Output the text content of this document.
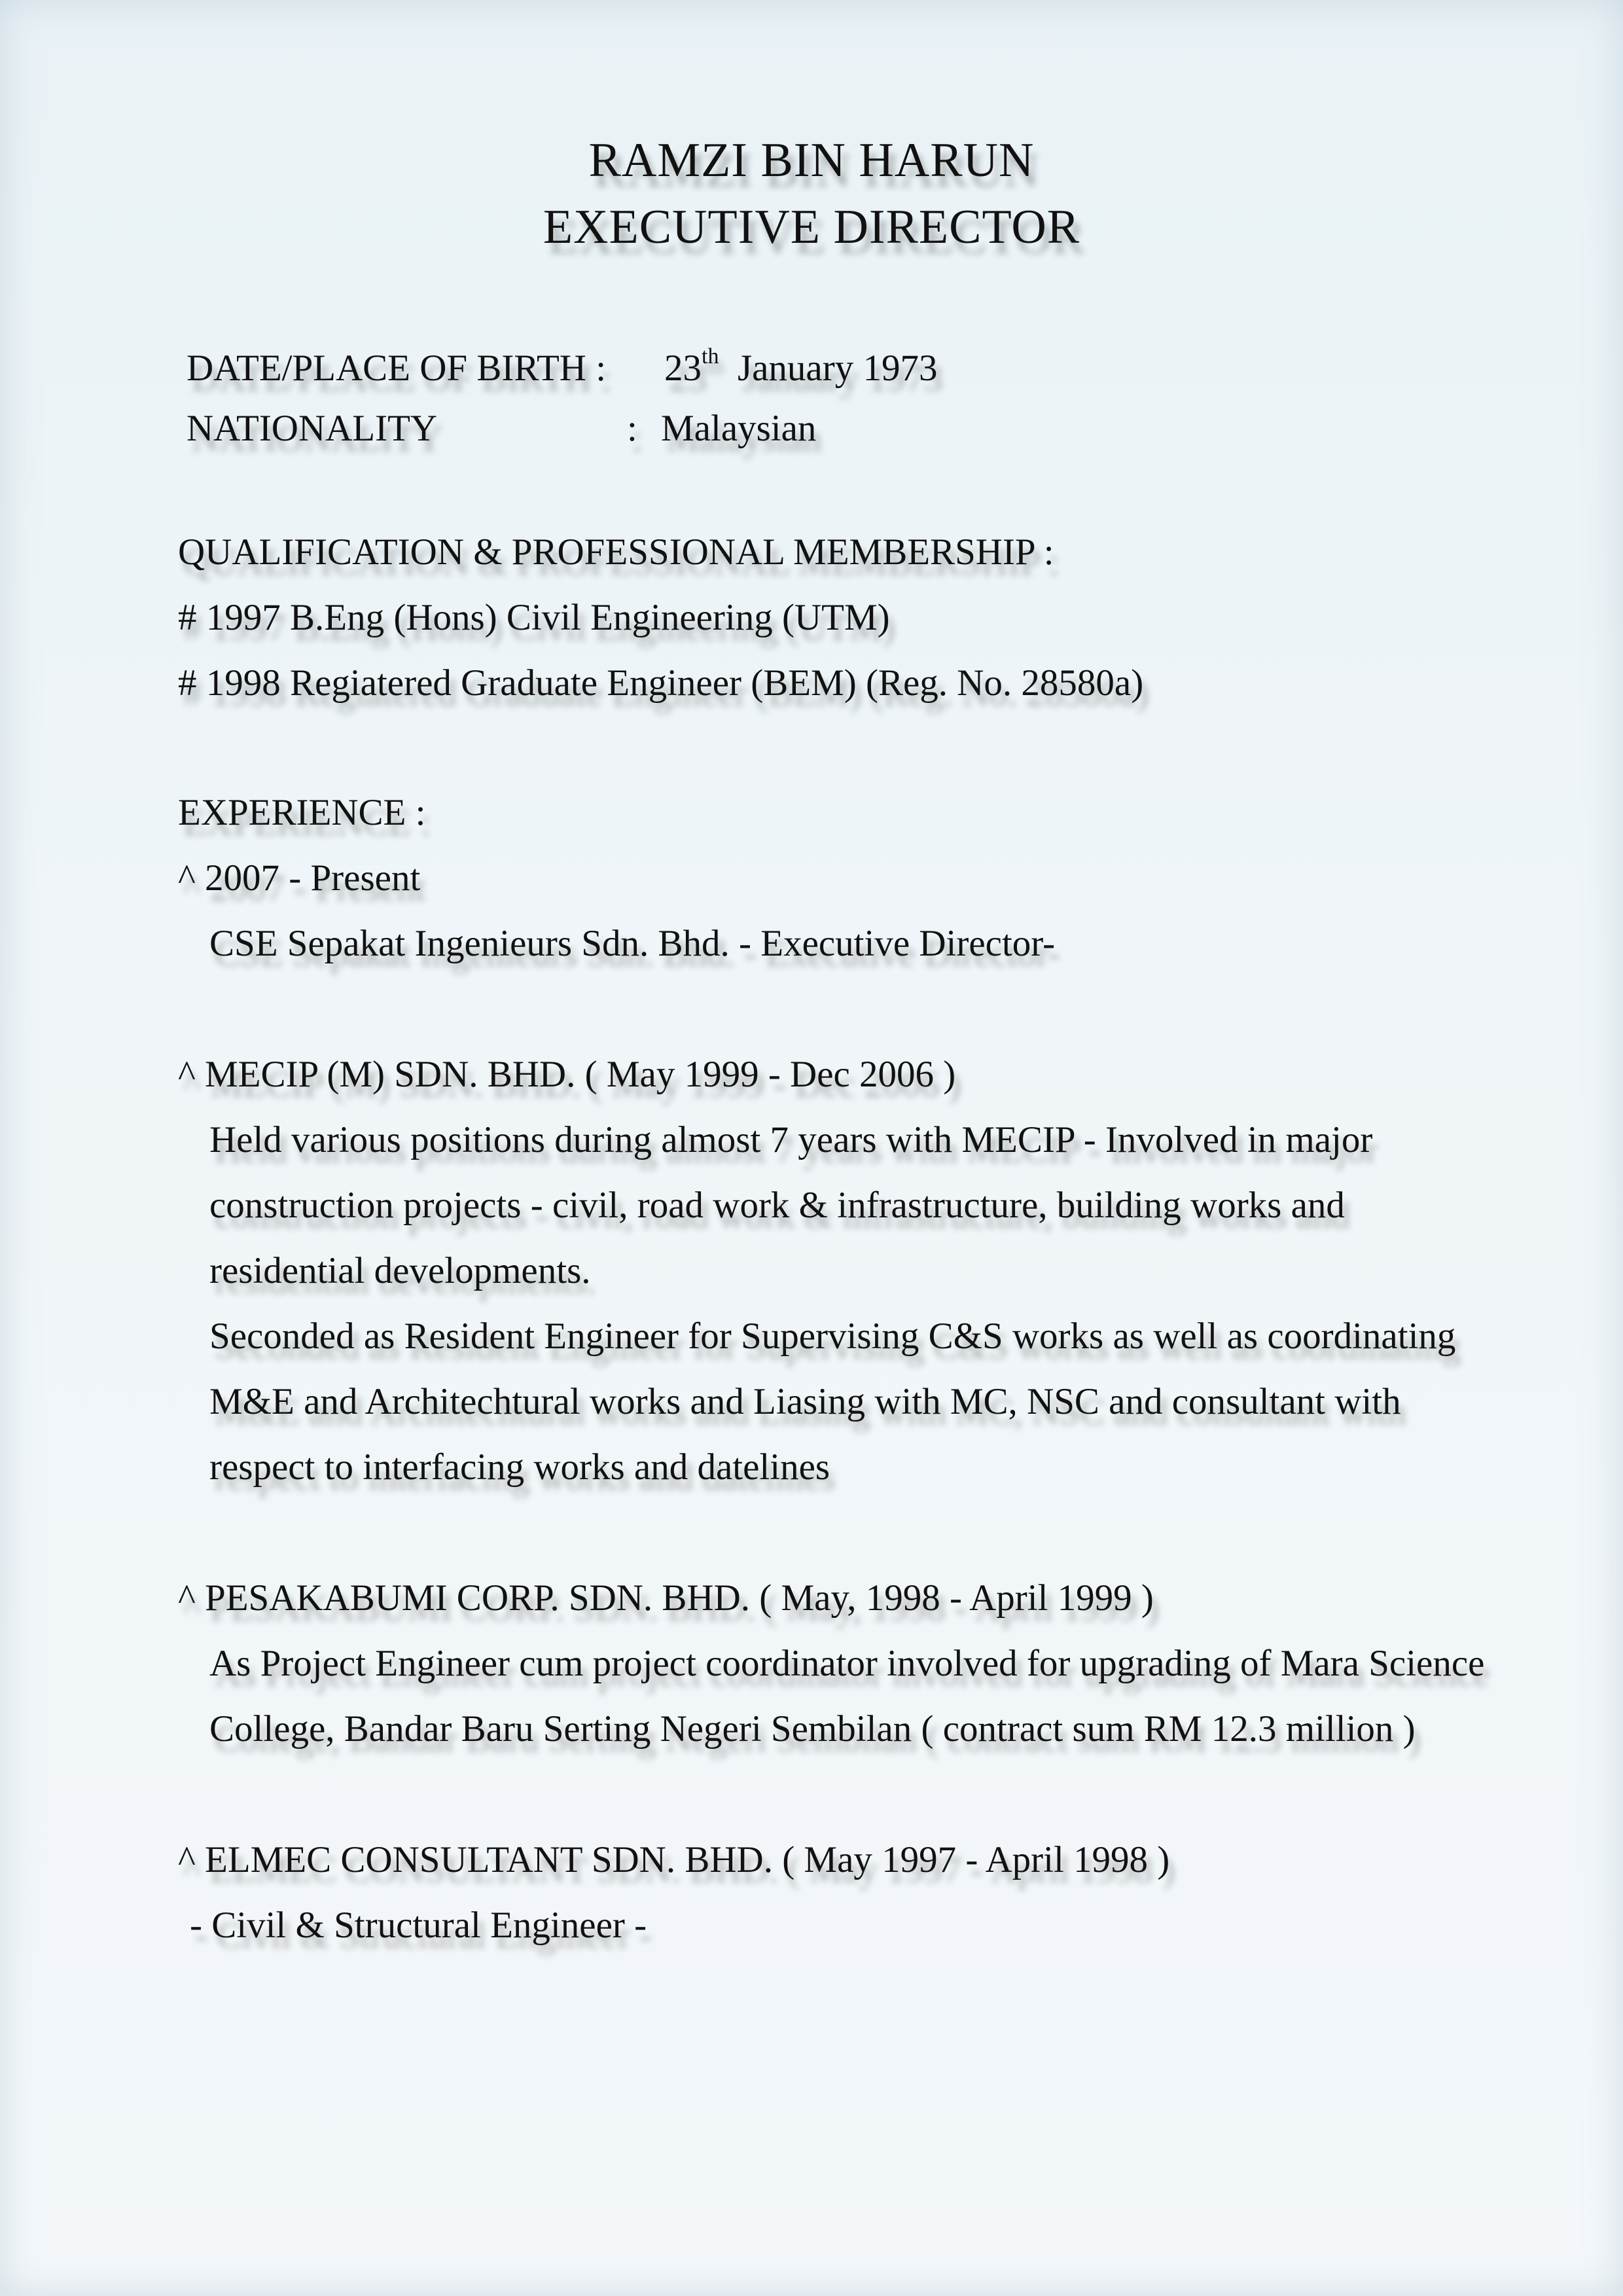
RAMZI BIN HARUN
EXECUTIVE DIRECTOR
DATE/PLACE OF BIRTH : 23th January 1973
NATIONALITY	: Malaysian
QUALIFICATION & PROFESSIONAL MEMBERSHIP :
# 1997 B.Eng (Hons) Civil Engineering (UTM)
# 1998 Regiatered Graduate Engineer (BEM) (Reg. No. 28580a)
EXPERIENCE :
^ 2007 - Present
CSE Sepakat Ingenieurs Sdn. Bhd. - Executive Director-
^ MECIP (M) SDN. BHD. ( May 1999 - Dec 2006 )
Held various positions during almost 7 years with MECIP - Involved in major
construction projects - civil, road work & infrastructure, building works and
residential developments.
Seconded as Resident Engineer for Supervising C&S works as well as coordinating
M&E and Architechtural works and Liasing with MC, NSC and consultant with
respect to interfacing works and datelines
^ PESAKABUMI CORP. SDN. BHD. ( May, 1998 - April 1999 )
As Project Engineer cum project coordinator involved for upgrading of Mara Science
College, Bandar Baru Serting Negeri Sembilan ( contract sum RM 12.3 million )
^ ELMEC CONSULTANT SDN. BHD. ( May 1997 - April 1998 )
- Civil & Structural Engineer -
